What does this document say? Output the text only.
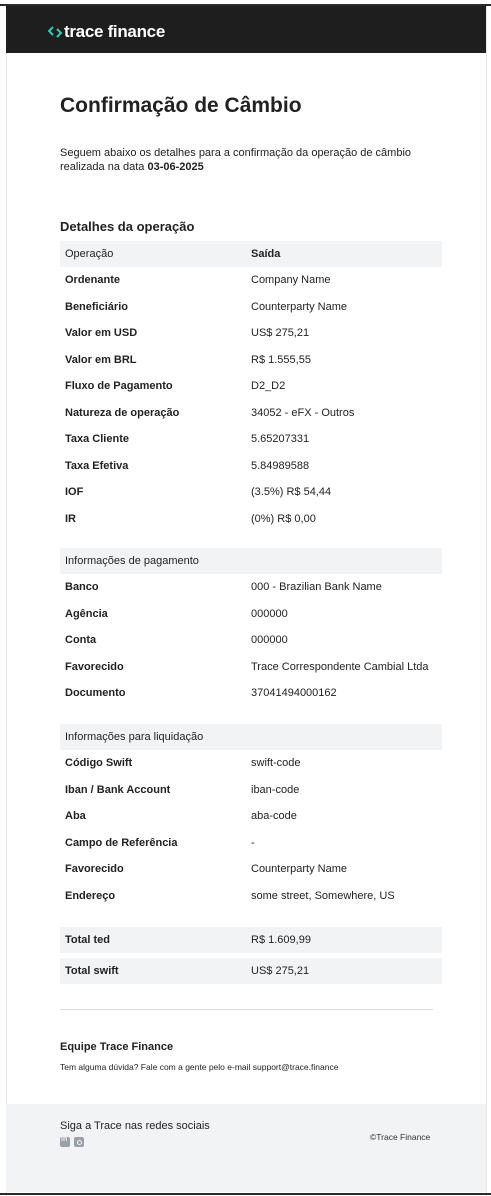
trace finance
Confirmação de Câmbio
Seguem abaixo os detalhes para a confirmação da operação de câmbio realizada na data 03-06-2025
Detalhes da operação
Operação	Saída
Ordenante	Company Name
Beneficiário	Counterparty Name
Valor em USD	US$ 275,21
Valor em BRL	R$ 1.555,55
Fluxo de Pagamento	D2_D2
Natureza de operação	34052 - eFX - Outros
Taxa Cliente	5.65207331
Taxa Efetiva	5.84989588
IOF	(3.5%) R$ 54,44
IR	(0%) R$ 0,00
Informações de pagamento
Banco	000 - Brazilian Bank Name
Agência	000000
Conta	000000
Favorecido	Trace Correspondente Cambial Ltda
Documento	37041494000162
Informações para liquidação
Código Swift	swift-code
Iban / Bank Account	iban-code
Aba	aba-code
Campo de Referência	-
Favorecido	Counterparty Name
Endereço	some street, Somewhere, US
Total ted	R$ 1.609,99
Total swift	US$ 275,21
Equipe Trace Finance
Tem alguma dúvida? Fale com a gente pelo e-mail support@trace.finance
Siga a Trace nas redes sociais
in
©Trace Finance
